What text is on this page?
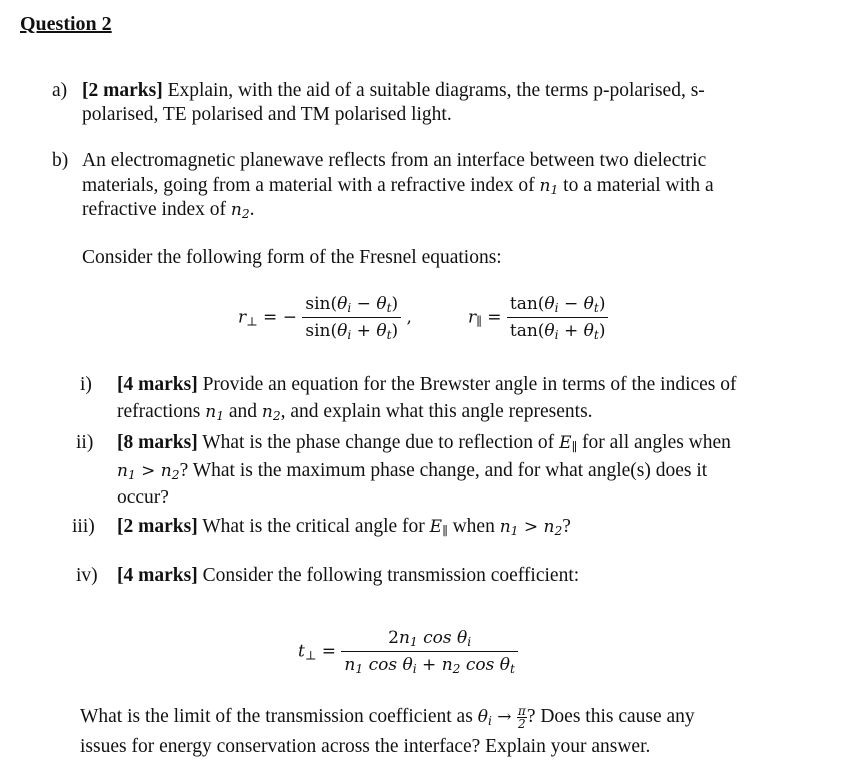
Question 2
a) [2 marks] Explain, with the aid of a suitable diagrams, the terms p-polarised, s-
polarised, TE polarised and TM polarised light.
b) An electromagnetic planewave reflects from an interface between two dielectric
materials, going from a material with a refractive index of $n_1$ to a material with a
refractive index of $n_2$.
Consider the following form of the Fresnel equations:
$r_\perp$ = − $\frac{\sin(\theta_i - \theta_t)}{\sin(\theta_i + \theta_t)}$ ,	$r_\parallel = \frac{\tan(\theta_i - \theta_t)}{\tan(\theta_i + \theta_t)}$
i) [4 marks] Provide an equation for the Brewster angle in terms of the indices of
refractions $n_1$ and $n_2$, and explain what this angle represents.
ii) [8 marks] What is the phase change due to reflection of $E_\parallel$ for all angles when
$n_1 > n_2$? What is the maximum phase change, and for what angle(s) does it
occur?
iii) [2 marks] What is the critical angle for $E_\parallel$ when $n_1 > n_2$?
iv) [4 marks] Consider the following transmission coefficient:
$t_\perp = \frac{2n_1 \cos \theta_i}{n_1 \cos \theta_i + n_2 \cos \theta_t}$
What is the limit of the transmission coefficient as $\theta_i \to \frac{\pi}{2}$ ? Does this cause any
issues for energy conservation across the interface? Explain your answer.
